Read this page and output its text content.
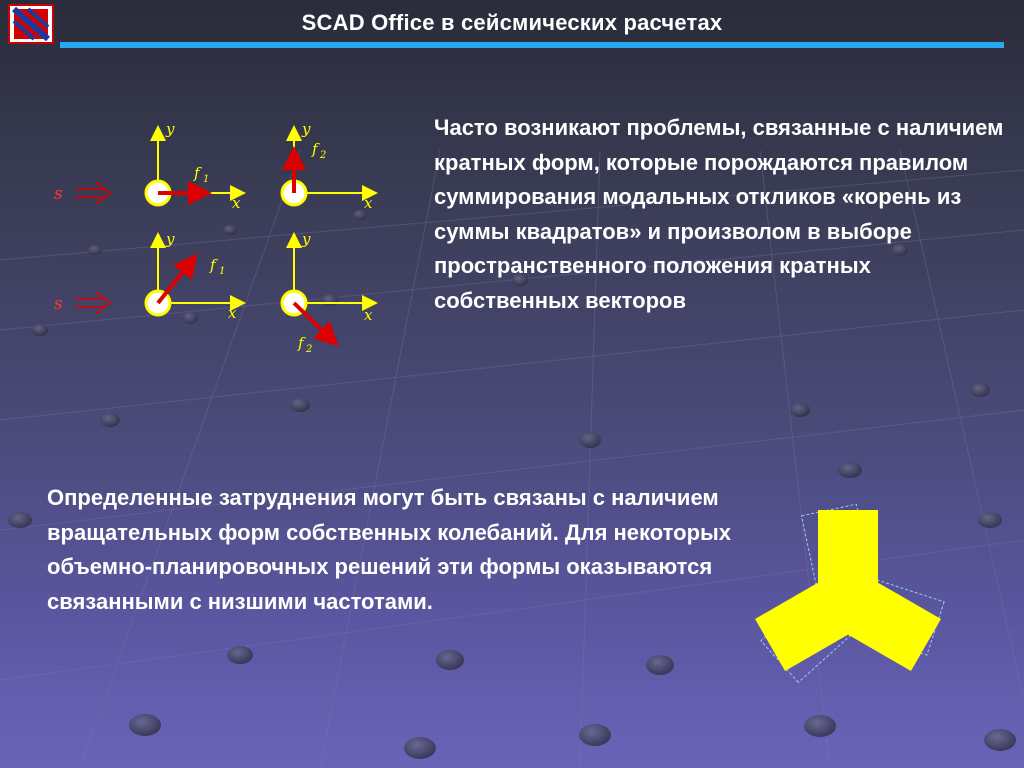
SCAD Office в сейсмических расчетах

Часто возникают проблемы, связанные с наличием кратных форм, которые порождаются правилом суммирования модальных откликов «корень из суммы квадратов» и произволом в выборе пространственного положения кратных собственных векторов

Определенные затруднения могут быть связаны с наличием вращательных форм собственных колебаний. Для некоторых объемно-планировочных решений эти формы оказываются связанными с низшими частотами.

y
x
f 1
s
y
x
f 2
y
x
f 1
s
y
x
f 2
